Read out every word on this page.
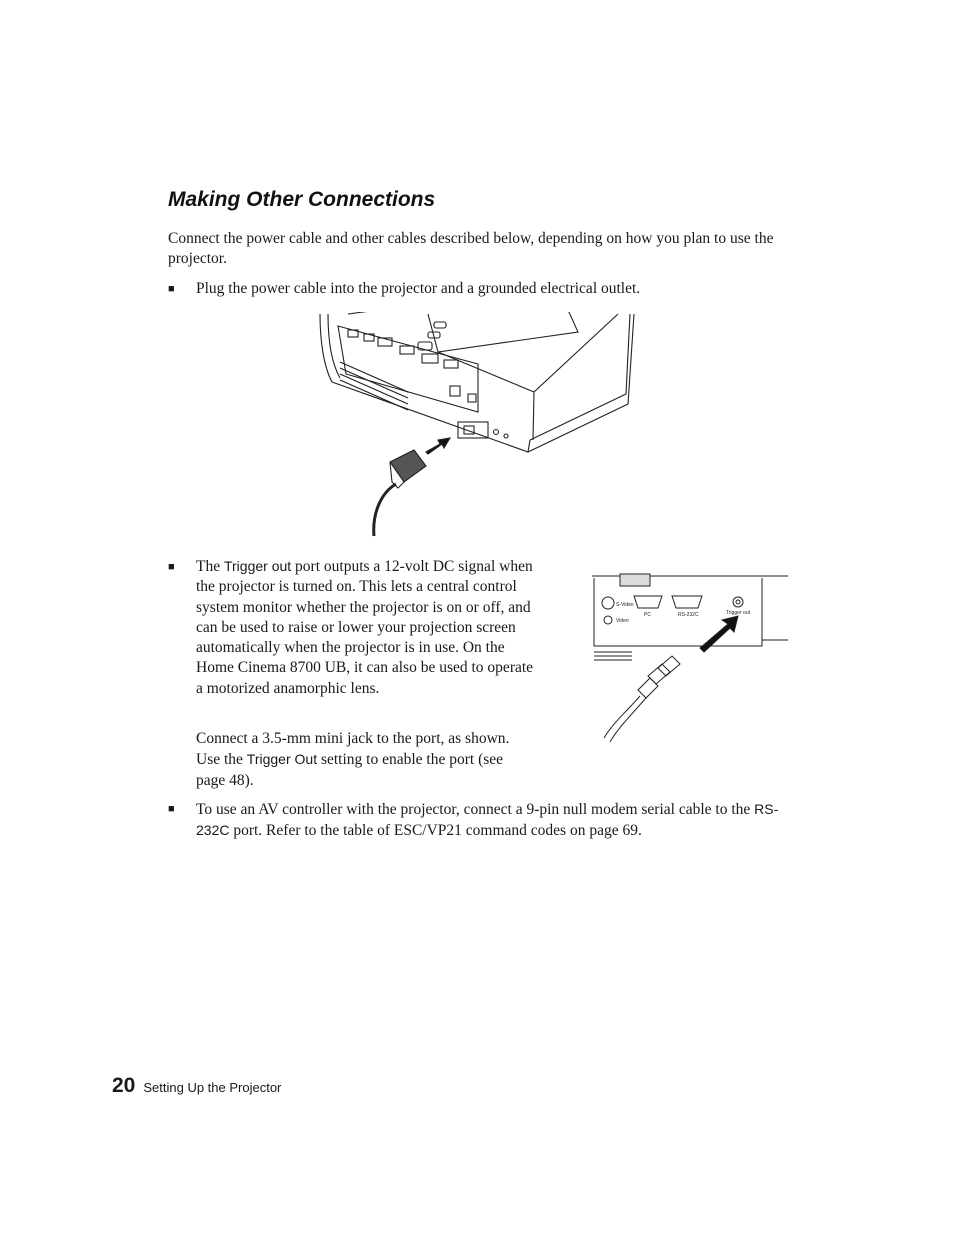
Making Other Connections

Connect the power cable and other cables described below, depending on how you plan to use the projector.

■ Plug the power cable into the projector and a grounded electrical outlet.

■ The Trigger out port outputs a 12-volt DC signal when the projector is turned on. This lets a central control system monitor whether the projector is on or off, and can be used to raise or lower your projection screen automatically when the projector is in use. On the Home Cinema 8700 UB, it can also be used to operate a motorized anamorphic lens.

Connect a 3.5-mm mini jack to the port, as shown. Use the Trigger Out setting to enable the port (see page 48).

S-Video
Video
PC	RS-232C	Trigger out
■ To use an AV controller with the projector, connect a 9-pin null modem serial cable to the RS-232C port. Refer to the table of ESC/VP21 command codes on page 69.

20 Setting Up the Projector
